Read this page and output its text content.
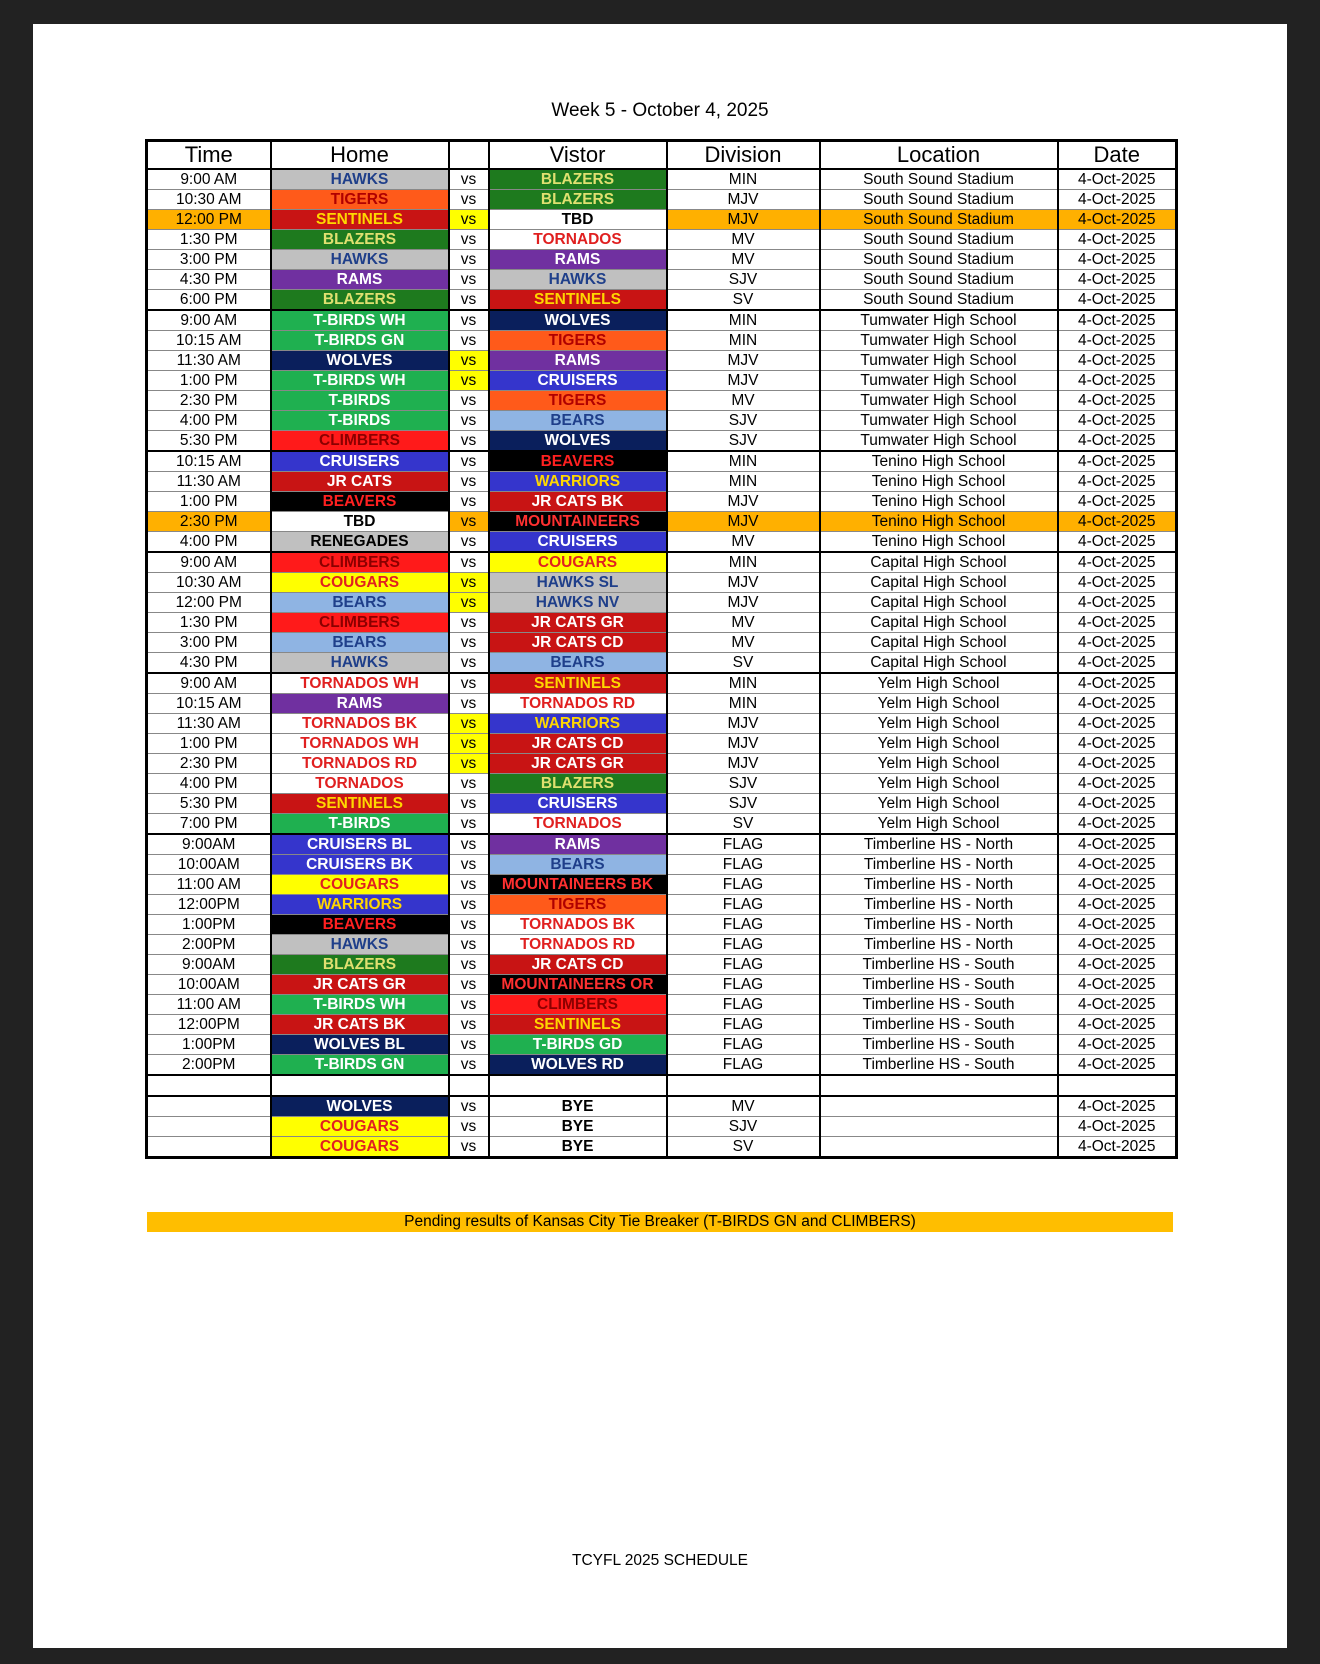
Week 5 - October 4, 2025
Time	Home		Vistor	Division	Location	Date
9:00 AM	HAWKS	vs	BLAZERS	MIN	South Sound Stadium	4-Oct-2025
10:30 AM	TIGERS	vs	BLAZERS	MJV	South Sound Stadium	4-Oct-2025
12:00 PM	SENTINELS	vs	TBD	MJV	South Sound Stadium	4-Oct-2025
1:30 PM	BLAZERS	vs	TORNADOS	MV	South Sound Stadium	4-Oct-2025
3:00 PM	HAWKS	vs	RAMS	MV	South Sound Stadium	4-Oct-2025
4:30 PM	RAMS	vs	HAWKS	SJV	South Sound Stadium	4-Oct-2025
6:00 PM	BLAZERS	vs	SENTINELS	SV	South Sound Stadium	4-Oct-2025
9:00 AM	T-BIRDS WH	vs	WOLVES	MIN	Tumwater High School	4-Oct-2025
10:15 AM	T-BIRDS GN	vs	TIGERS	MIN	Tumwater High School	4-Oct-2025
11:30 AM	WOLVES	vs	RAMS	MJV	Tumwater High School	4-Oct-2025
1:00 PM	T-BIRDS WH	vs	CRUISERS	MJV	Tumwater High School	4-Oct-2025
2:30 PM	T-BIRDS	vs	TIGERS	MV	Tumwater High School	4-Oct-2025
4:00 PM	T-BIRDS	vs	BEARS	SJV	Tumwater High School	4-Oct-2025
5:30 PM	CLIMBERS	vs	WOLVES	SJV	Tumwater High School	4-Oct-2025
10:15 AM	CRUISERS	vs	BEAVERS	MIN	Tenino High School	4-Oct-2025
11:30 AM	JR CATS	vs	WARRIORS	MIN	Tenino High School	4-Oct-2025
1:00 PM	BEAVERS	vs	JR CATS BK	MJV	Tenino High School	4-Oct-2025
2:30 PM	TBD	vs	MOUNTAINEERS	MJV	Tenino High School	4-Oct-2025
4:00 PM	RENEGADES	vs	CRUISERS	MV	Tenino High School	4-Oct-2025
9:00 AM	CLIMBERS	vs	COUGARS	MIN	Capital High School	4-Oct-2025
10:30 AM	COUGARS	vs	HAWKS SL	MJV	Capital High School	4-Oct-2025
12:00 PM	BEARS	vs	HAWKS NV	MJV	Capital High School	4-Oct-2025
1:30 PM	CLIMBERS	vs	JR CATS GR	MV	Capital High School	4-Oct-2025
3:00 PM	BEARS	vs	JR CATS CD	MV	Capital High School	4-Oct-2025
4:30 PM	HAWKS	vs	BEARS	SV	Capital High School	4-Oct-2025
9:00 AM	TORNADOS WH	vs	SENTINELS	MIN	Yelm High School	4-Oct-2025
10:15 AM	RAMS	vs	TORNADOS RD	MIN	Yelm High School	4-Oct-2025
11:30 AM	TORNADOS BK	vs	WARRIORS	MJV	Yelm High School	4-Oct-2025
1:00 PM	TORNADOS WH	vs	JR CATS CD	MJV	Yelm High School	4-Oct-2025
2:30 PM	TORNADOS RD	vs	JR CATS GR	MJV	Yelm High School	4-Oct-2025
4:00 PM	TORNADOS	vs	BLAZERS	SJV	Yelm High School	4-Oct-2025
5:30 PM	SENTINELS	vs	CRUISERS	SJV	Yelm High School	4-Oct-2025
7:00 PM	T-BIRDS	vs	TORNADOS	SV	Yelm High School	4-Oct-2025
9:00AM	CRUISERS BL	vs	RAMS	FLAG	Timberline HS - North	4-Oct-2025
10:00AM	CRUISERS BK	vs	BEARS	FLAG	Timberline HS - North	4-Oct-2025
11:00 AM	COUGARS	vs	MOUNTAINEERS BK	FLAG	Timberline HS - North	4-Oct-2025
12:00PM	WARRIORS	vs	TIGERS	FLAG	Timberline HS - North	4-Oct-2025
1:00PM	BEAVERS	vs	TORNADOS BK	FLAG	Timberline HS - North	4-Oct-2025
2:00PM	HAWKS	vs	TORNADOS RD	FLAG	Timberline HS - North	4-Oct-2025
9:00AM	BLAZERS	vs	JR CATS CD	FLAG	Timberline HS - South	4-Oct-2025
10:00AM	JR CATS GR	vs	MOUNTAINEERS OR	FLAG	Timberline HS - South	4-Oct-2025
11:00 AM	T-BIRDS WH	vs	CLIMBERS	FLAG	Timberline HS - South	4-Oct-2025
12:00PM	JR CATS BK	vs	SENTINELS	FLAG	Timberline HS - South	4-Oct-2025
1:00PM	WOLVES BL	vs	T-BIRDS GD	FLAG	Timberline HS - South	4-Oct-2025
2:00PM	T-BIRDS GN	vs	WOLVES RD	FLAG	Timberline HS - South	4-Oct-2025

	WOLVES	vs	BYE	MV		4-Oct-2025
	COUGARS	vs	BYE	SJV		4-Oct-2025
	COUGARS	vs	BYE	SV		4-Oct-2025
Pending results of Kansas City Tie Breaker (T-BIRDS GN and CLIMBERS)
TCYFL 2025 SCHEDULE
